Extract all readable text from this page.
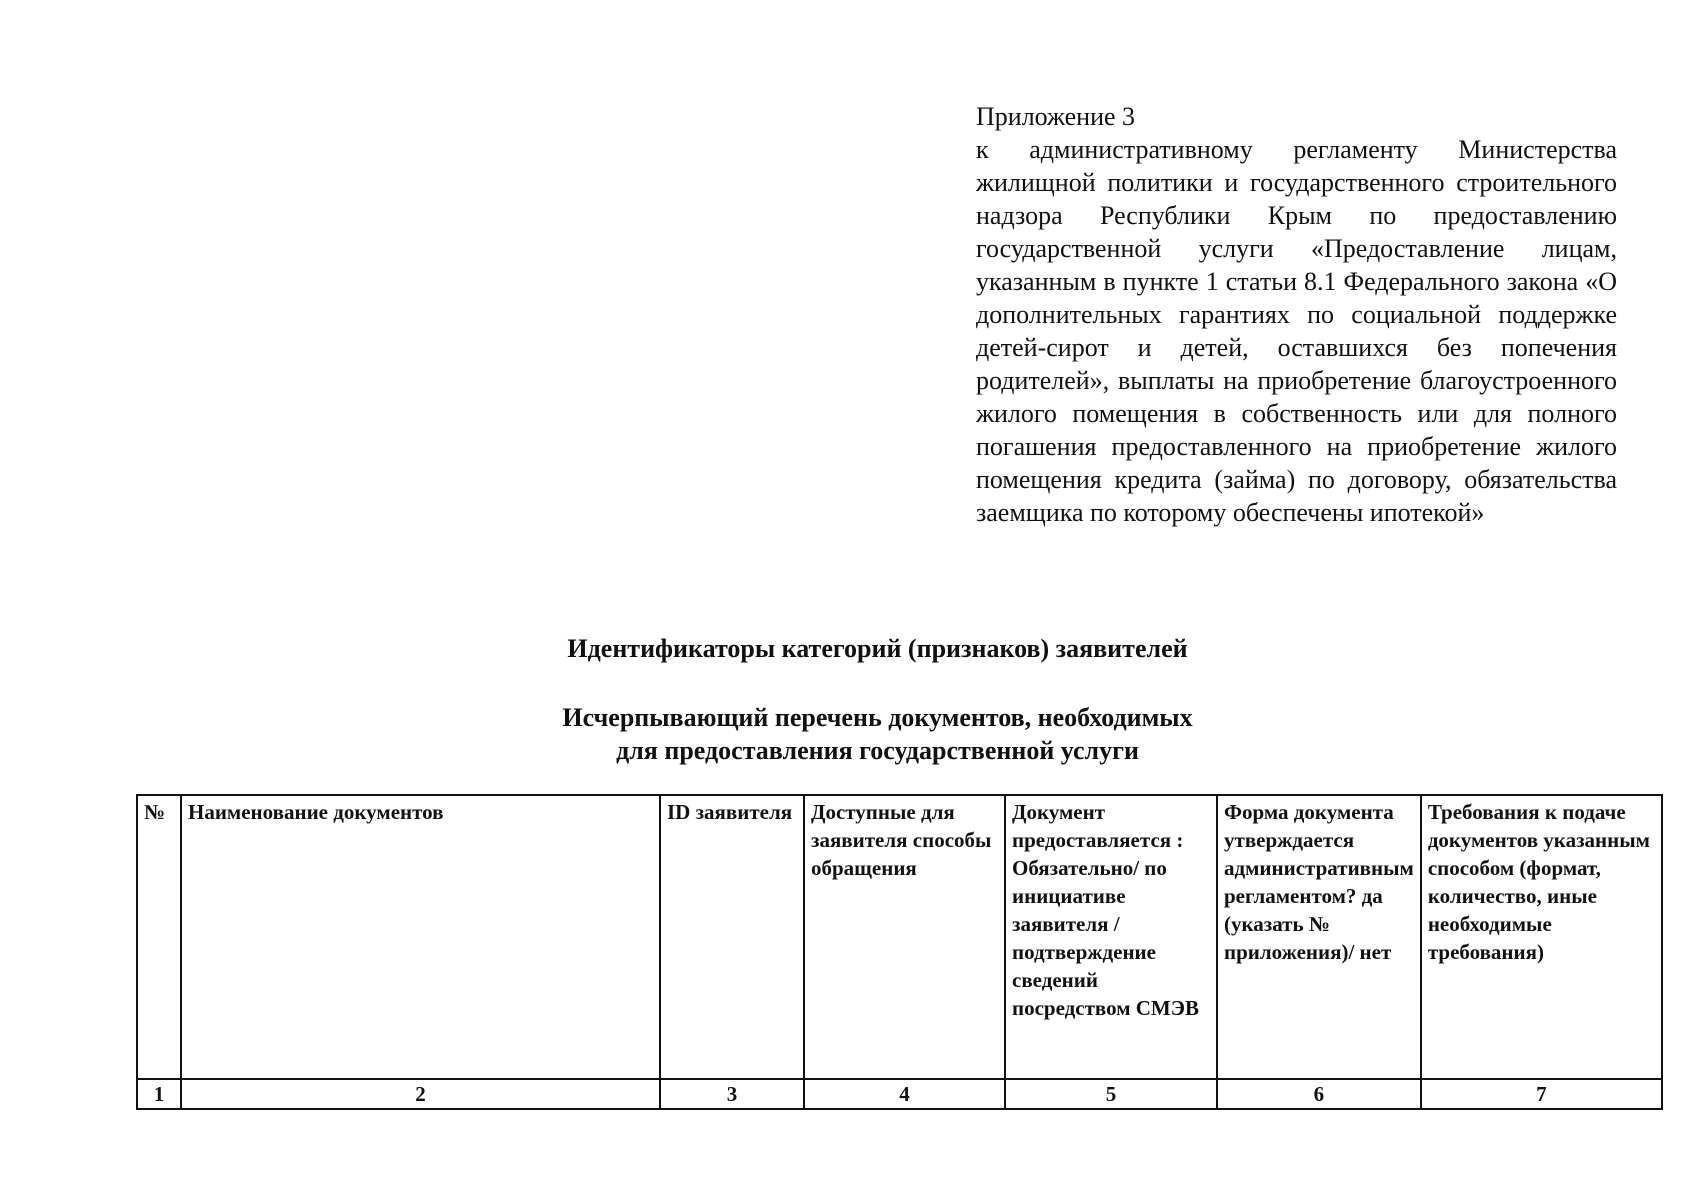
Приложение 3

к административному регламенту Министерства жилищной политики и государственного строительного надзора Республики Крым по предоставлению государственной услуги «Предоставление лицам, указанным в пункте 1 статьи 8.1 Федерального закона «О дополнительных гарантиях по социальной поддержке детей-сирот и детей, оставшихся без попечения родителей», выплаты на приобретение благоустроенного жилого помещения в собственность или для полного погашения предоставленного на приобретение жилого помещения кредита (займа) по договору, обязательства заемщика по которому обеспечены ипотекой»

Идентификаторы категорий (признаков) заявителей
Исчерпывающий перечень документов, необходимых
для предоставления государственной услуги
№	Наименование документов	ID заявителя	Доступные для заявителя способы обращения	Документ предоставляется : Обязательно/ по инициативе заявителя /подтверждение сведений посредством СМЭВ	Форма документа утверждается административным регламентом? да (указать № приложения)/ нет	Требования к подаче документов указанным способом (формат, количество, иные необходимые требования)
1	2	3	4	5	6	7
